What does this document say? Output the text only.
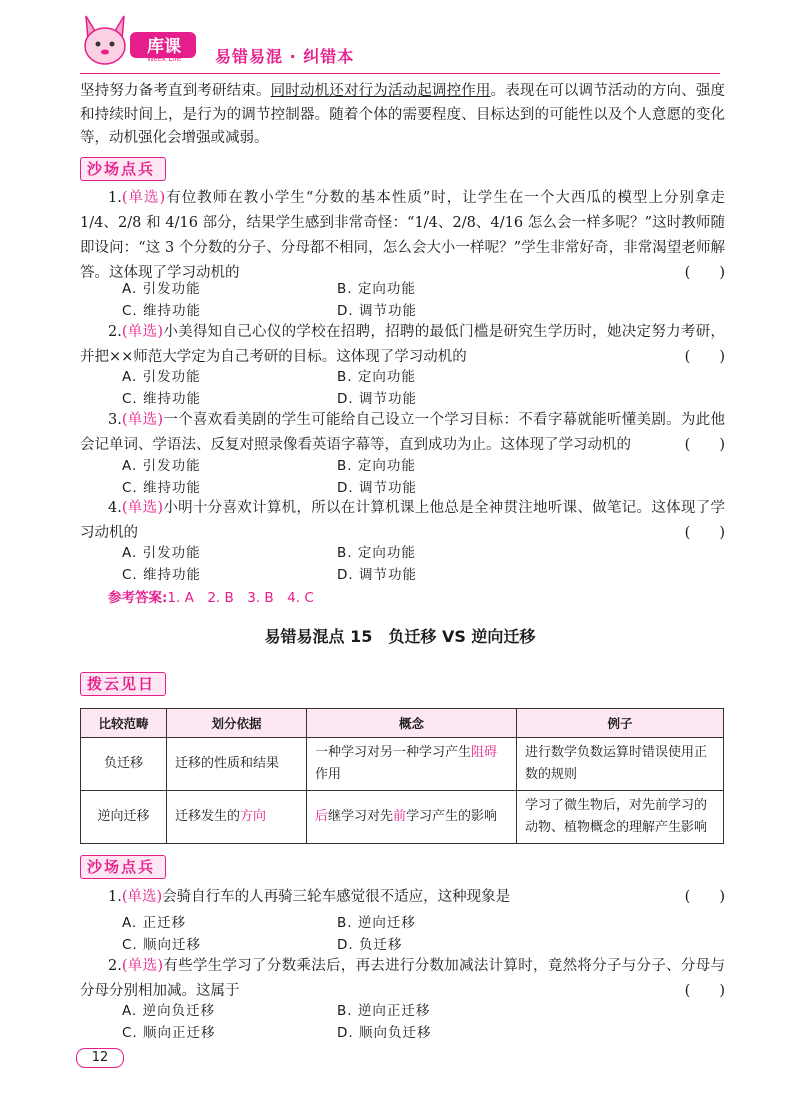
库课
Week Life	易错易混 · 纠错本
坚持努力备考直到考研结束。同时动机还对行为活动起调控作用。表现在可以调节活动的方向、强度和持续时间上，是行为的调节控制器。随着个体的需要程度、目标达到的可能性以及个人意愿的变化等，动机强化会增强或减弱。
沙场点兵
1.(单选)有位教师在教小学生“分数的基本性质”时，让学生在一个大西瓜的模型上分别拿走 1/4、2/8 和 4/16 部分，结果学生感到非常奇怪：“1/4、2/8、4/16 怎么会一样多呢？”这时教师随即设问：“这 3 个分数的分子、分母都不相同，怎么会大小一样呢？”学生非常好奇，非常渴望老师解答。这体现了学习动机的	(　　)
A. 引发功能	B. 定向功能
C. 维持功能	D. 调节功能
2.(单选)小美得知自己心仪的学校在招聘，招聘的最低门槛是研究生学历时，她决定努力考研，并把××师范大学定为自己考研的目标。这体现了学习动机的	(　　)
A. 引发功能	B. 定向功能
C. 维持功能	D. 调节功能
3.(单选)一个喜欢看美剧的学生可能给自己设立一个学习目标：不看字幕就能听懂美剧。为此他会记单词、学语法、反复对照录像看英语字幕等，直到成功为止。这体现了学习动机的	(　　)
A. 引发功能	B. 定向功能
C. 维持功能	D. 调节功能
4.(单选)小明十分喜欢计算机，所以在计算机课上他总是全神贯注地听课、做笔记。这体现了学习动机的	(　　)
A. 引发功能	B. 定向功能
C. 维持功能	D. 调节功能
参考答案:1. A　2. B　3. B　4. C
易错易混点 15　负迁移 VS 逆向迁移
拨云见日
比较范畴	划分依据	概念	例子
负迁移	迁移的性质和结果	一种学习对另一种学习产生阻碍作用	进行数学负数运算时错误使用正数的规则
逆向迁移	迁移发生的方向	后继学习对先前学习产生的影响	学习了微生物后，对先前学习的动物、植物概念的理解产生影响
沙场点兵
1.(单选)会骑自行车的人再骑三轮车感觉很不适应，这种现象是	(　　)
A. 正迁移	B. 逆向迁移
C. 顺向迁移	D. 负迁移
2.(单选)有些学生学习了分数乘法后，再去进行分数加减法计算时，竟然将分子与分子、分母与分母分别相加减。这属于	(　　)
A. 逆向负迁移	B. 逆向正迁移
C. 顺向正迁移	D. 顺向负迁移
12
